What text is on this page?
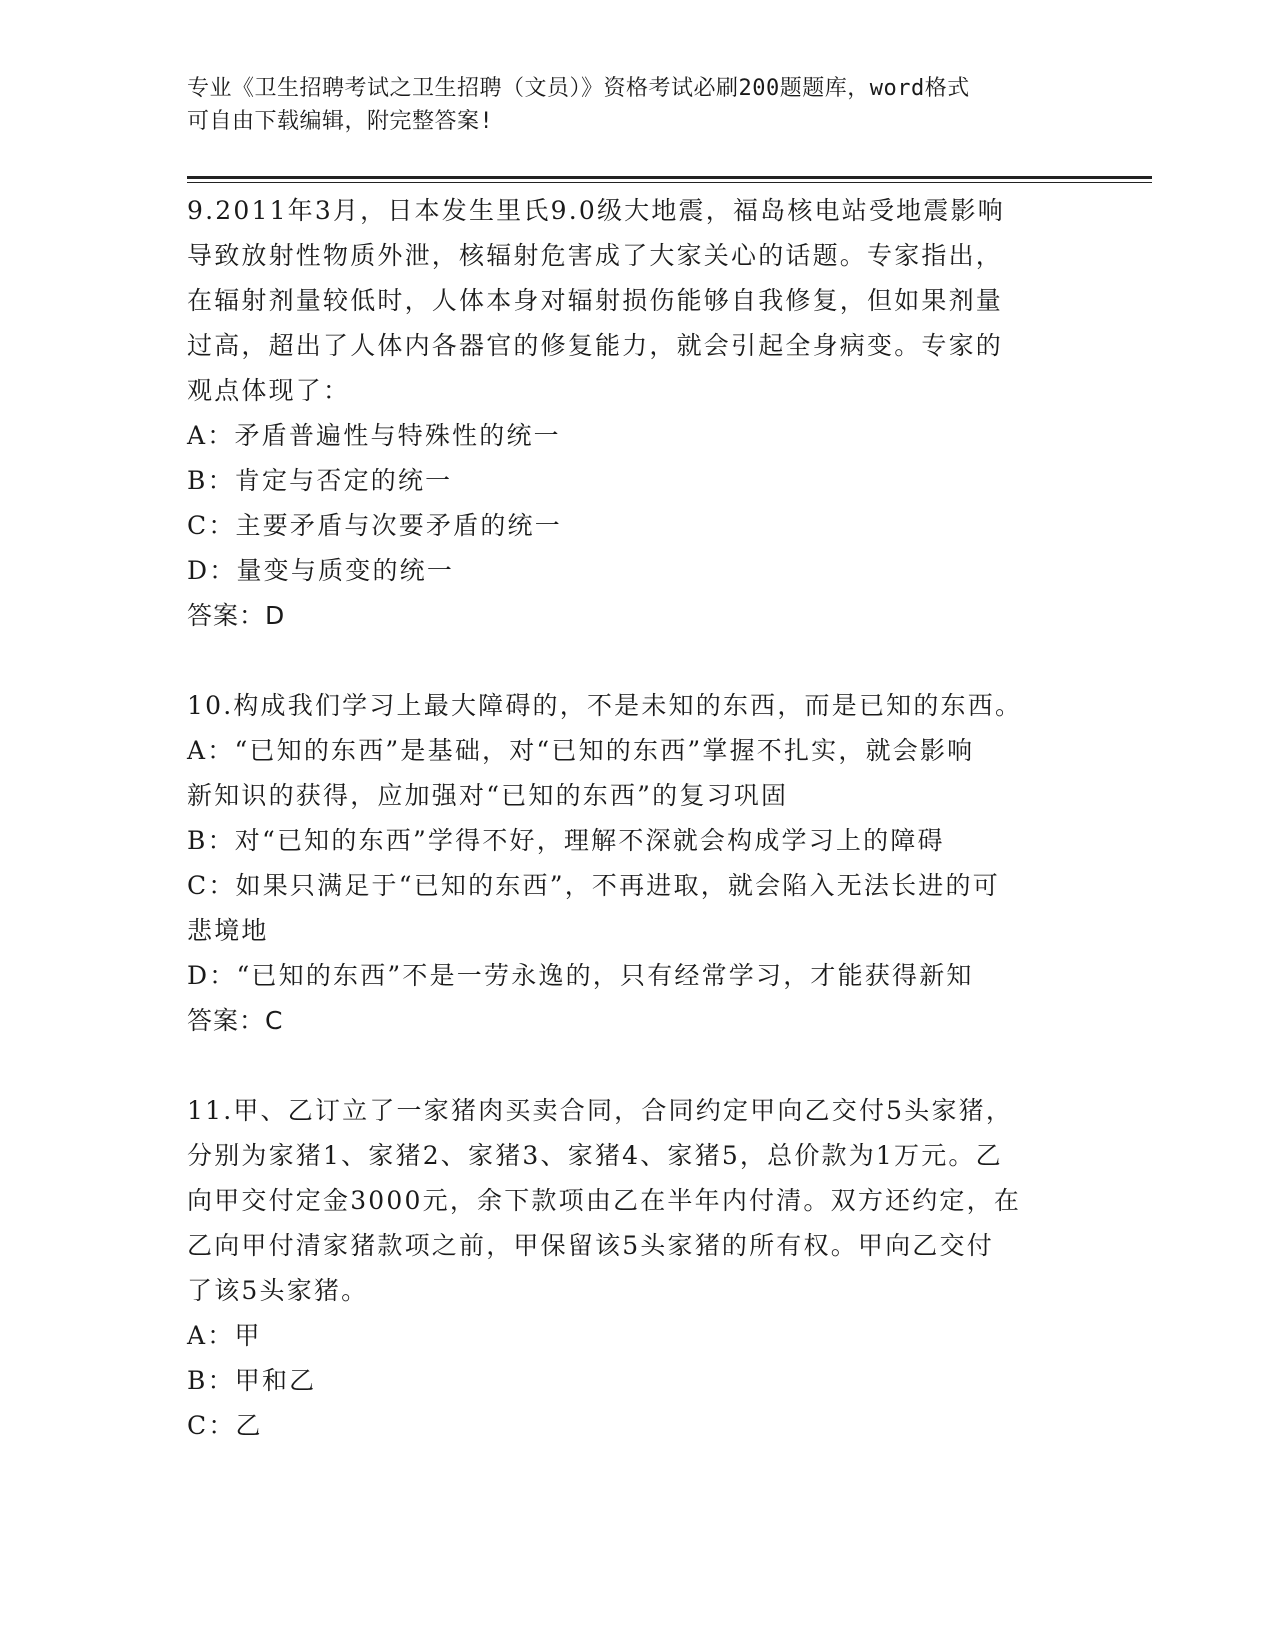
专业《卫生招聘考试之卫生招聘（文员）》资格考试必刷200题题库，word格式
可自由下载编辑，附完整答案!
9.2011年3月，日本发生里氏9.0级大地震，福岛核电站受地震影响
导致放射性物质外泄，核辐射危害成了大家关心的话题。专家指出，
在辐射剂量较低时，人体本身对辐射损伤能够自我修复，但如果剂量
过高，超出了人体内各器官的修复能力，就会引起全身病变。专家的
观点体现了：
A：矛盾普遍性与特殊性的统一
B：肯定与否定的统一
C：主要矛盾与次要矛盾的统一
D：量变与质变的统一
答案：D
10.构成我们学习上最大障碍的，不是未知的东西，而是已知的东西。
A：“已知的东西”是基础，对“已知的东西”掌握不扎实，就会影响
新知识的获得，应加强对“已知的东西”的复习巩固
B：对“已知的东西”学得不好，理解不深就会构成学习上的障碍
C：如果只满足于“已知的东西”，不再进取，就会陷入无法长进的可
悲境地
D：“已知的东西”不是一劳永逸的，只有经常学习，才能获得新知
答案：C
11.甲、乙订立了一家猪肉买卖合同，合同约定甲向乙交付5头家猪，
分别为家猪1、家猪2、家猪3、家猪4、家猪5，总价款为1万元。乙
向甲交付定金3000元，余下款项由乙在半年内付清。双方还约定，在
乙向甲付清家猪款项之前，甲保留该5头家猪的所有权。甲向乙交付
了该5头家猪。
A：甲
B：甲和乙
C：乙
